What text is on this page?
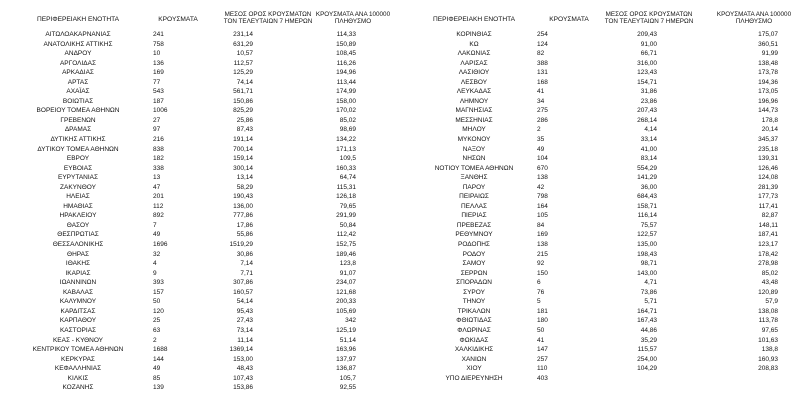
ΠΕΡΙΦΕΡΕΙΑΚΗ ΕΝΟΤΗΤΑ	ΚΡΟΥΣΜΑΤΑ
ΜΕΣΟΣ ΟΡΟΣ ΚΡΟΥΣΜΑΤΩΝ
ΤΟΝ ΤΕΛΕΥΤΑΙΩΝ 7 ΗΜΕΡΩΝ
ΚΡΟΥΣΜΑΤΑ ΑΝΑ 100000
ΠΛΗΘΥΣΜΟ
ΑΙΤΩΛΟΑΚΑΡΝΑΝΙΑΣ	241	231,14	114,33
ΑΝΑΤΟΛΙΚΗΣ ΑΤΤΙΚΗΣ	758	631,29	150,89
ΑΝΔΡΟΥ	10	10,57	108,45
ΑΡΓΟΛΙΔΑΣ	136	112,57	116,26
ΑΡΚΑΔΙΑΣ	169	125,29	194,96
ΑΡΤΑΣ	77	74,14	113,44
ΑΧΑΪΑΣ	543	561,71	174,99
ΒΟΙΩΤΙΑΣ	187	150,86	158,00
ΒΟΡΕΙΟΥ ΤΟΜΕΑ ΑΘΗΝΩΝ	1006	825,29	170,02
ΓΡΕΒΕΝΩΝ	27	25,86	85,02
ΔΡΑΜΑΣ	97	87,43	98,69
ΔΥΤΙΚΗΣ ΑΤΤΙΚΗΣ	216	191,14	134,22
ΔΥΤΙΚΟΥ ΤΟΜΕΑ ΑΘΗΝΩΝ	838	700,14	171,13
ΕΒΡΟΥ	182	159,14	109,5
ΕΥΒΟΙΑΣ	338	300,14	160,33
ΕΥΡΥΤΑΝΙΑΣ	13	13,14	64,74
ΖΑΚΥΝΘΟΥ	47	58,29	115,31
ΗΛΕΙΑΣ	201	190,43	126,18
ΗΜΑΘΙΑΣ	112	136,00	79,65
ΗΡΑΚΛΕΙΟΥ	892	777,86	291,99
ΘΑΣΟΥ	7	17,86	50,84
ΘΕΣΠΡΩΤΙΑΣ	49	55,86	112,42
ΘΕΣΣΑΛΟΝΙΚΗΣ	1696	1519,29	152,75
ΘΗΡΑΣ	32	30,86	189,46
ΙΘΑΚΗΣ	4	7,14	123,8
ΙΚΑΡΙΑΣ	9	7,71	91,07
ΙΩΑΝΝΙΝΩΝ	393	307,86	234,07
ΚΑΒΑΛΑΣ	157	160,57	121,68
ΚΑΛΥΜΝΟΥ	50	54,14	200,33
ΚΑΡΔΙΤΣΑΣ	120	95,43	105,69
ΚΑΡΠΑΘΟΥ	25	27,43	342
ΚΑΣΤΟΡΙΑΣ	63	73,14	125,19
ΚΕΑΣ - ΚΥΘΝΟΥ	2	11,14	51,14
ΚΕΝΤΡΙΚΟΥ ΤΟΜΕΑ ΑΘΗΝΩΝ	1688	1369,14	163,96
ΚΕΡΚΥΡΑΣ	144	153,00	137,97
ΚΕΦΑΛΛΗΝΙΑΣ	49	48,43	136,87
ΚΙΛΚΙΣ	85	107,43	105,7
ΚΟΖΑΝΗΣ	139	153,86	92,55
ΠΕΡΙΦΕΡΕΙΑΚΗ ΕΝΟΤΗΤΑ	ΚΡΟΥΣΜΑΤΑ
ΜΕΣΟΣ ΟΡΟΣ ΚΡΟΥΣΜΑΤΩΝ
ΤΟΝ ΤΕΛΕΥΤΑΙΩΝ 7 ΗΜΕΡΩΝ
ΚΡΟΥΣΜΑΤΑ ΑΝΑ 100000
ΠΛΗΘΥΣΜΟ
ΚΟΡΙΝΘΙΑΣ	254	209,43	175,07
ΚΩ	124	91,00	360,51
ΛΑΚΩΝΙΑΣ	82	66,71	91,99
ΛΑΡΙΣΑΣ	388	316,00	138,48
ΛΑΣΙΘΙΟΥ	131	123,43	173,78
ΛΕΣΒΟΥ	168	154,71	194,36
ΛΕΥΚΑΔΑΣ	41	31,86	173,05
ΛΗΜΝΟΥ	34	23,86	196,96
ΜΑΓΝΗΣΙΑΣ	275	207,43	144,73
ΜΕΣΣΗΝΙΑΣ	286	268,14	178,8
ΜΗΛΟΥ	2	4,14	20,14
ΜΥΚΟΝΟΥ	35	33,14	345,37
ΝΑΞΟΥ	49	41,00	235,18
ΝΗΣΩΝ	104	83,14	139,31
ΝΟΤΙΟΥ ΤΟΜΕΑ ΑΘΗΝΩΝ	670	554,29	126,46
ΞΑΝΘΗΣ	138	141,29	124,08
ΠΑΡΟΥ	42	36,00	281,39
ΠΕΙΡΑΙΩΣ	798	684,43	177,73
ΠΕΛΛΑΣ	164	158,71	117,41
ΠΙΕΡΙΑΣ	105	116,14	82,87
ΠΡΕΒΕΖΑΣ	84	75,57	148,11
ΡΕΘΥΜΝΟΥ	169	122,57	187,41
ΡΟΔΟΠΗΣ	138	135,00	123,17
ΡΟΔΟΥ	215	198,43	178,42
ΣΑΜΟΥ	92	98,71	278,98
ΣΕΡΡΩΝ	150	143,00	85,02
ΣΠΟΡΑΔΩΝ	6	4,71	43,48
ΣΥΡΟΥ	76	73,86	120,89
ΤΗΝΟΥ	5	5,71	57,9
ΤΡΙΚΑΛΩΝ	181	164,71	138,08
ΦΘΙΩΤΙΔΑΣ	180	167,43	113,78
ΦΛΩΡΙΝΑΣ	50	44,86	97,65
ΦΩΚΙΔΑΣ	41	35,29	101,63
ΧΑΛΚΙΔΙΚΗΣ	147	115,57	138,8
ΧΑΝΙΩΝ	257	254,00	160,93
ΧΙΟΥ	110	104,29	208,83
ΥΠΟ ΔΙΕΡΕΥΝΗΣΗ	403
